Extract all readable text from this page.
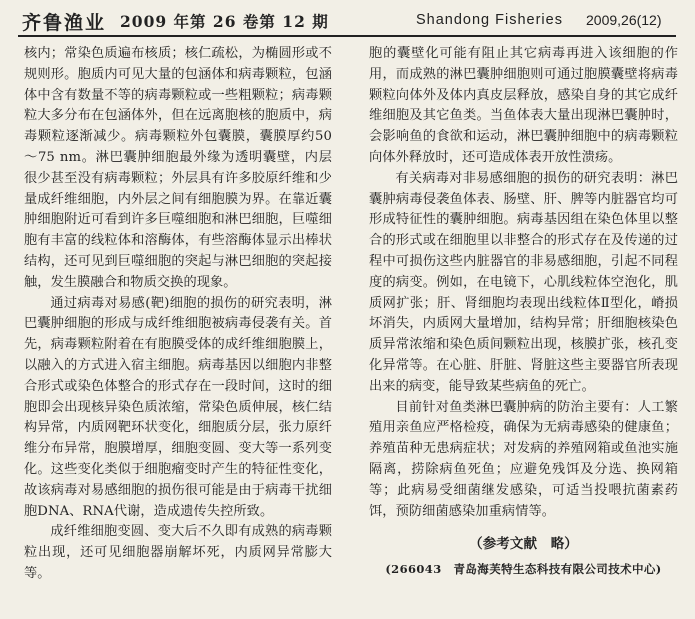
齐鲁渔业 2009 年第 26 卷第 12 期	Shandong Fisheries 2009,26(12)

核内；常染色质遍布核质；核仁疏松，为椭圆形或不规则形。胞质内可见大量的包涵体和病毒颗粒，包涵体中含有数量不等的病毒颗粒或一些粗颗粒；病毒颗粒大多分布在包涵体外，但在远离胞核的胞质中，病毒颗粒逐渐减少。病毒颗粒外包囊膜，囊膜厚约50～75 nm。淋巴囊肿细胞最外缘为透明囊壁，内层很少甚至没有病毒颗粒；外层具有许多胶原纤维和少量成纤维细胞，内外层之间有细胞膜为界。在靠近囊肿细胞附近可看到许多巨噬细胞和淋巴细胞，巨噬细胞有丰富的线粒体和溶酶体，有些溶酶体显示出棒状结构，还可见到巨噬细胞的突起与淋巴细胞的突起接触，发生膜融合和物质交换的现象。

通过病毒对易感(靶)细胞的损伤的研究表明，淋巴囊肿细胞的形成与成纤维细胞被病毒侵袭有关。首先，病毒颗粒附着在有胞膜受体的成纤维细胞膜上，以融入的方式进入宿主细胞。病毒基因以细胞内非整合形式或染色体整合的形式存在一段时间，这时的细胞即会出现核异染色质浓缩，常染色质伸展，核仁结构异常，内质网靶环状变化，细胞质分层，张力原纤维分布异常，胞膜增厚，细胞变圆、变大等一系列变化。这些变化类似于细胞瘤变时产生的特征性变化，故该病毒对易感细胞的损伤很可能是由于病毒干扰细胞DNA、RNA代谢，造成遗传失控所致。

成纤维细胞变圆、变大后不久即有成熟的病毒颗粒出现，还可见细胞器崩解坏死，内质网异常膨大等。

胞的囊壁化可能有阻止其它病毒再进入该细胞的作用，而成熟的淋巴囊肿细胞则可通过胞膜囊壁将病毒颗粒向体外及体内真皮层释放，感染自身的其它成纤维细胞及其它鱼类。当鱼体表大量出现淋巴囊肿时，会影响鱼的食欲和运动，淋巴囊肿细胞中的病毒颗粒向体外释放时，还可造成体表开放性溃疡。

有关病毒对非易感细胞的损伤的研究表明：淋巴囊肿病毒侵袭鱼体表、肠壁、肝、脾等内脏器官均可形成特征性的囊肿细胞。病毒基因组在染色体里以整合的形式或在细胞里以非整合的形式存在及传递的过程中可损伤这些内脏器官的非易感细胞，引起不同程度的病变。例如，在电镜下，心肌线粒体空泡化，肌质网扩张；肝、肾细胞均表现出线粒体Ⅱ型化，嵴损坏消失，内质网大量增加，结构异常；肝细胞核染色质异常浓缩和染色质间颗粒出现，核膜扩张，核孔变化异常等。在心脏、肝脏、肾脏这些主要器官所表现出来的病变，能导致某些病鱼的死亡。

目前针对鱼类淋巴囊肿病的防治主要有：人工繁殖用亲鱼应严格检疫，确保为无病毒感染的健康鱼；养殖苗种无患病症状；对发病的养殖网箱或鱼池实施隔离，捞除病鱼死鱼；应避免残饵及分选、换网箱等；此病易受细菌继发感染，可适当投喂抗菌素药饵，预防细菌感染加重病情等。

（参考文献　略）

(266043　青岛海芙特生态科技有限公司技术中心)
